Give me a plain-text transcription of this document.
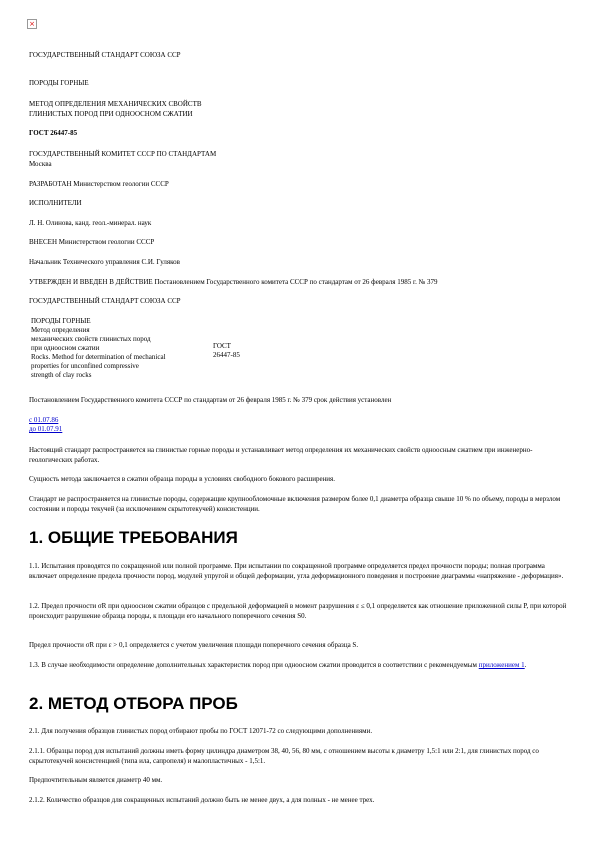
×
ГОСУДАРСТВЕННЫЙ СТАНДАРТ СОЮЗА ССР
ПОРОДЫ ГОРНЫЕ
МЕТОД ОПРЕДЕЛЕНИЯ МЕХАНИЧЕСКИХ СВОЙСТВ
ГЛИНИСТЫХ ПОРОД ПРИ ОДНООСНОМ СЖАТИИ
ГОСТ 26447-85
ГОСУДАРСТВЕННЫЙ КОМИТЕТ СССР ПО СТАНДАРТАМ
Москва
РАЗРАБОТАН Министерством геологии СССР
ИСПОЛНИТЕЛИ
Л. Н. Олинова, канд. геол.-минерал. наук
ВНЕСЕН Министерством геологии СССР
Начальник Технического управления С.И. Гуляков
УТВЕРЖДЕН И ВВЕДЕН В ДЕЙСТВИЕ Постановлением Государственного комитета СССР по стандартам от 26 февраля 1985 г. № 379
ГОСУДАРСТВЕННЫЙ СТАНДАРТ СОЮЗА ССР
ПОРОДЫ ГОРНЫЕ
Метод определения
механических свойств глинистых пород
при одноосном сжатии
Rocks. Method for determination of mechanical
properties for unconfined compressive
strength of clay rocks
ГОСТ
26447-85
Постановлением Государственного комитета СССР по стандартам от 26 февраля 1985 г. № 379 срок действия установлен
с 01.07.86
до 01.07.91
Настоящий стандарт распространяется на глинистые горные породы и устанавливает метод определения их механических свойств одноосным сжатием при инженерно-геологических работах.
Сущность метода заключается в сжатии образца породы в условиях свободного бокового расширения.
Стандарт не распространяется на глинистые породы, содержащие крупнообломочные включения размером более 0,1 диаметра образца свыше 10 % по объему, породы в мерзлом состоянии и породы текучей (за исключением скрытотекучей) консистенции.
1. ОБЩИЕ ТРЕБОВАНИЯ
1.1. Испытания проводятся по сокращенной или полной программе. При испытании по сокращенной программе определяется предел прочности породы; полная программа включает определение предела прочности пород, модулей упругой и общей деформации, угла деформационного поведения и построение диаграммы «напряжение - деформация».
1.2. Предел прочности σR при одноосном сжатии образцов с предельной деформацией в момент разрушения ε ≤ 0,1 определяется как отношение приложенной силы P, при которой происходит разрушение образца породы, к площади его начального поперечного сечения S0.
Предел прочности σR при ε > 0,1 определяется с учетом увеличения площади поперечного сечения образца S.
1.3. В случае необходимости определение дополнительных характеристик пород при одноосном сжатии проводится в соответствии с рекомендуемым приложением 1.
2. МЕТОД ОТБОРА ПРОБ
2.1. Для получения образцов глинистых пород отбирают пробы по ГОСТ 12071-72 со следующими дополнениями.
2.1.1. Образцы пород для испытаний должны иметь форму цилиндра диаметром 38, 40, 56, 80 мм, с отношением высоты к диаметру 1,5:1 или 2:1, для глинистых пород со скрытотекучей консистенцией (типа ила, сапропеля) и малопластичных - 1,5:1.
Предпочтительным является диаметр 40 мм.
2.1.2. Количество образцов для сокращенных испытаний должно быть не менее двух, а для полных - не менее трех.
